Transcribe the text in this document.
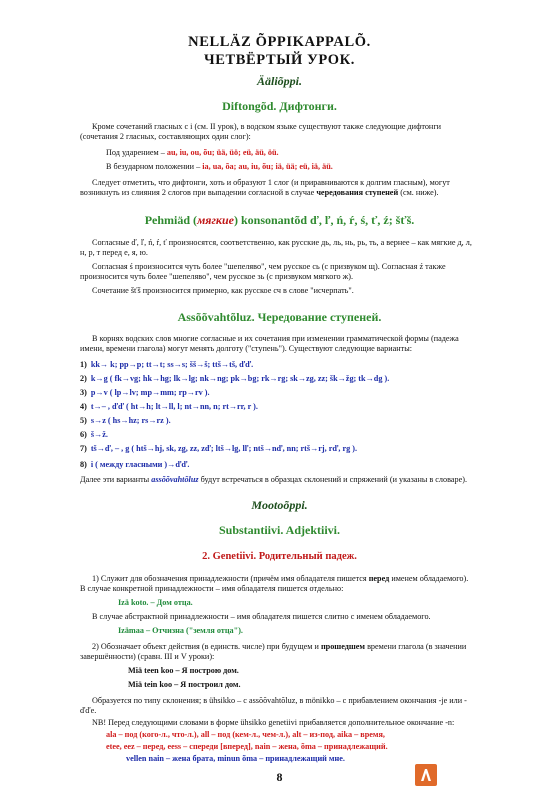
NELLÄZ ÕPPIKAPPALÕ.
ЧЕТВЁРТЫЙ УРОК.
Ääliõppi.
Diftongõd. Дифтонги.
Кроме сочетаний гласных с i (см. II урок), в водском языке существуют также следующие дифтонги
(сочетания 2 гласных, составляющих один слог):
Под ударением – au, iu, ou, õu; üä, üö; eü, äü, öü.
В безударном положении – ia, ua, õa; au, iu, õu; iä, üä; eü, iä, äü.
Следует отметить, что дифтонги, хоть и образуют 1 слог (и приравниваются к долгим гласным), могут
возникнуть из слияния 2 слогов при выпадении согласной в случае чередования ступеней (см. ниже).
Pehmiäd (мягкие) konsonantõd ď, ľ, ń, ŕ, ś, ť, ź; šťš.
Согласные ď, ľ, ń, ŕ, ť произносятся, соответственно, как русские дь, ль, нь, рь, ть, а вернее – как мягкие д, л,
н, р, т перед е, я, ю.
Согласная ś произносится чуть более "шепелявo", чем русское сь (с призвуком щ). Согласная ź также
произносится чуть более "шепелявo", чем русское зь (с призвуком мягкого ж).
Сочетание šťš произносится примерно, как русское сч в слове "исчерпать".
Assõõvahtõluz. Чередование ступеней.
В корнях водских слов многие согласные и их сочетания при изменении грамматической формы (падежа
имени, времени глагола) могут менять долготу ("ступень"). Существуют следующие варианты:
1) kk→ k; pp→p; tt→t; ss→s; šš→š; ttš→tš, ďď.
2) k→g ( fk→vg; hk→hg; lk→lg; nk→ng; pk→bg; rk→rg; sk→zg, zz; šk→žg; tk→dg ).
3) p→v ( lp→lv; mp→mm; rp→rv ).
4) t→– , ďď ( ht→h; lt→ll, l; nt→nn, n; rt→rr, r ).
5) s→z ( hs→hz; rs→rz ).
6) š→ž.
7) tš→ď, – , g ( htš→hj, sk, zg, zz, zď; ltš→lg, lľ; ntš→nď, nn; rtš→rj, rď, rg ).
8) i ( между гласными )→ďď.
Далее эти варианты assõõvahtõluz будут встречаться в образцах склонений и спряжений (и указаны в словаре).
Mootoõppi.
Substantiivi. Adjektiivi.
2. Genetiivi. Родительный падеж.
1) Служит для обозначения принадлежности (причём имя обладателя пишется перед именем обладаемого).
В случае конкретной принадлежности – имя обладателя пишется отдельно:
Izä koto. – Дом отца.
В случае абстрактной принадлежности – имя обладателя пишется слитно с именем обладаемого.
Izämaa – Отчизна ("земля отца").
2) Обозначает объект действия (в единств. числе) при будущем и прошедшем времени глагола (в значении
завершённости) (сравн. III и V уроки):
Miä teen koo – Я построю дом.
Miä tein koo – Я построил дом.
Образуется по типу склонения; в ühsikko – с assõõvahtõluz, в mönikko – с прибавлением окончания -je или -
ďďe.
NB! Перед следующими словами в форме ühsikko genetiivi прибавляется дополнительное окончание -n:
ala – под (кого-л., что-л.), all – под (кем-л., чем-л.), alt – из-под, aika – время,
etee, eez – перед, eess – спереди [вперед], nain – жена, õma – принадлежащий.
vellen nain – жена брата, minun õma – принадлежащий мне.
8
